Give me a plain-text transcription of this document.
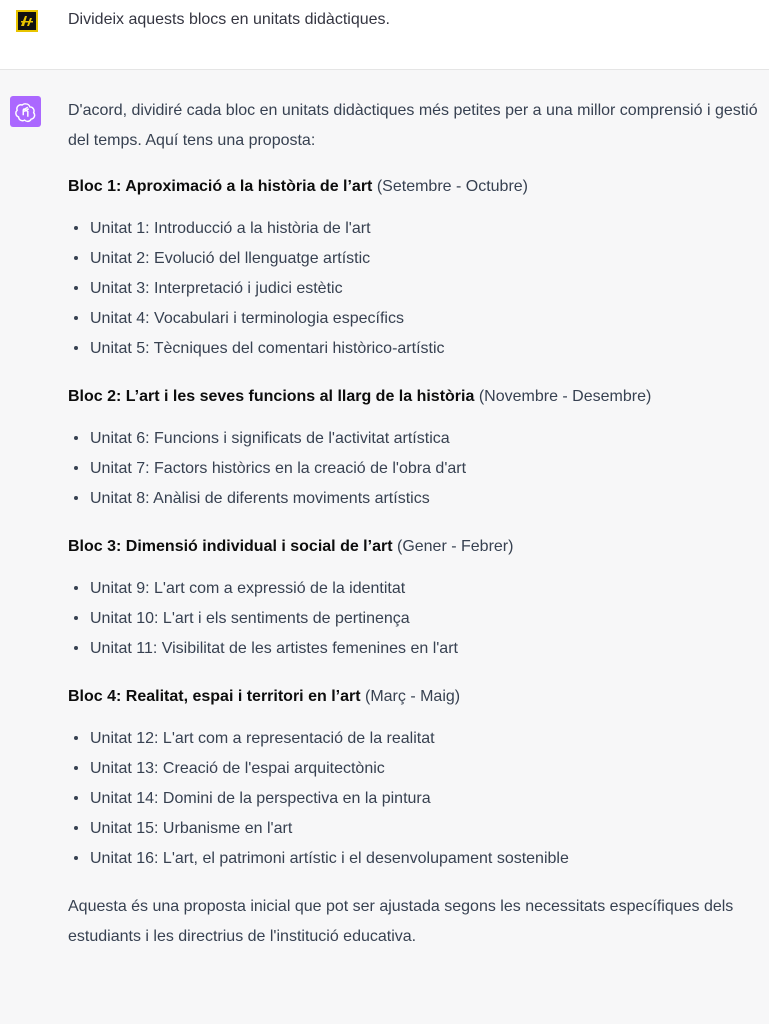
Divideix aquests blocs en unitats didàctiques.

D'acord, dividiré cada bloc en unitats didàctiques més petites per a una millor comprensió i gestió del temps. Aquí tens una proposta:

Bloc 1: Aproximació a la història de l’art (Setembre - Octubre)

Unitat 1: Introducció a la història de l'art
Unitat 2: Evolució del llenguatge artístic
Unitat 3: Interpretació i judici estètic
Unitat 4: Vocabulari i terminologia específics
Unitat 5: Tècniques del comentari històrico-artístic

Bloc 2: L’art i les seves funcions al llarg de la història (Novembre - Desembre)

Unitat 6: Funcions i significats de l'activitat artística
Unitat 7: Factors històrics en la creació de l'obra d'art
Unitat 8: Anàlisi de diferents moviments artístics

Bloc 3: Dimensió individual i social de l’art (Gener - Febrer)

Unitat 9: L'art com a expressió de la identitat
Unitat 10: L'art i els sentiments de pertinença
Unitat 11: Visibilitat de les artistes femenines en l'art

Bloc 4: Realitat, espai i territori en l’art (Març - Maig)

Unitat 12: L'art com a representació de la realitat
Unitat 13: Creació de l'espai arquitectònic
Unitat 14: Domini de la perspectiva en la pintura
Unitat 15: Urbanisme en l'art
Unitat 16: L'art, el patrimoni artístic i el desenvolupament sostenible

Aquesta és una proposta inicial que pot ser ajustada segons les necessitats específiques dels estudiants i les directrius de l'institució educativa.
